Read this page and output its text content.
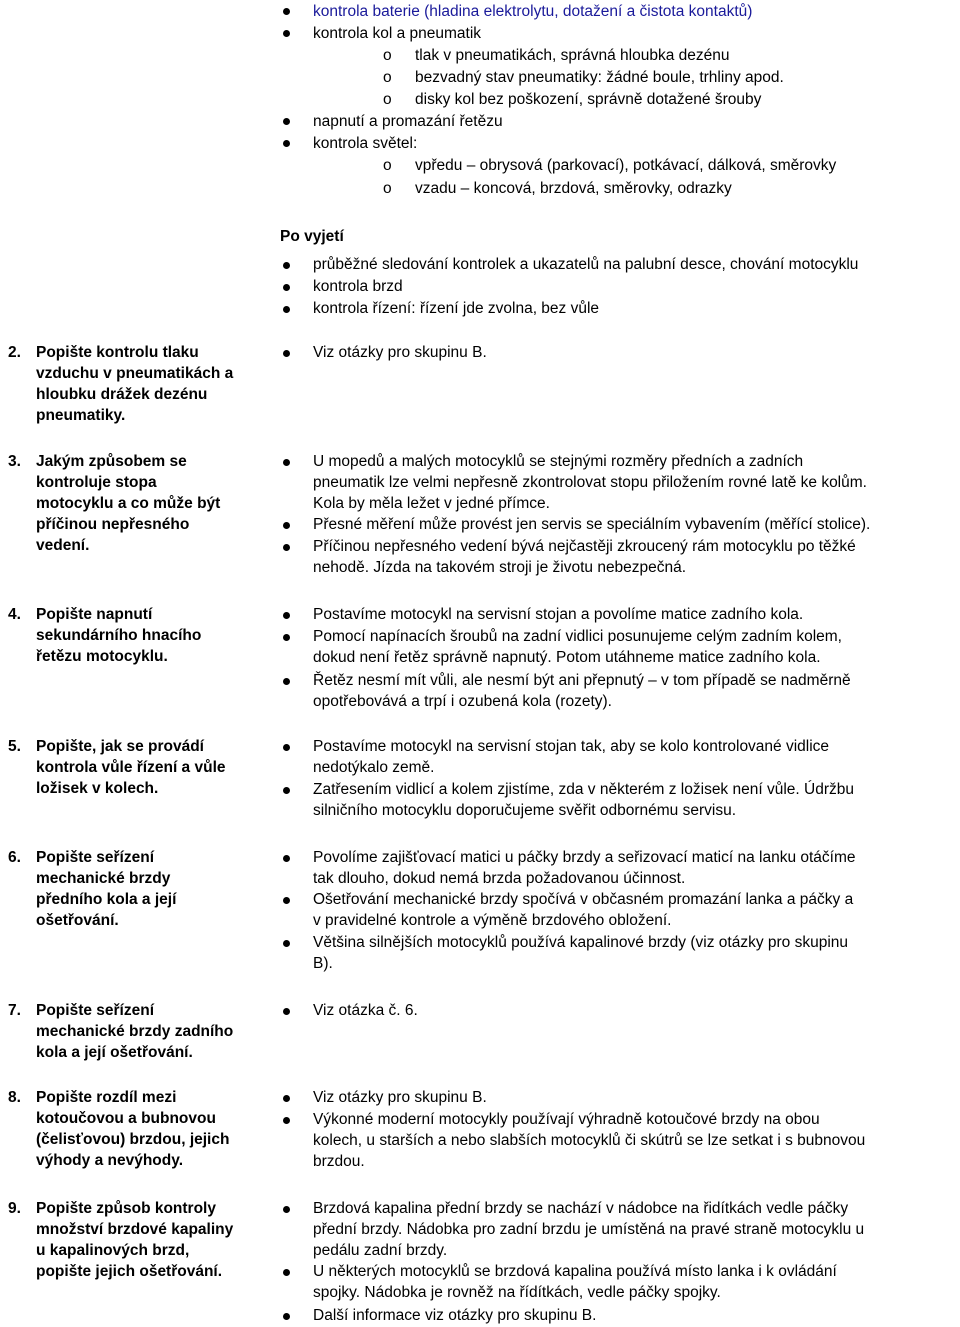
kontrola baterie (hladina elektrolytu, dotažení a čistota kontaktů)
kontrola kol a pneumatik
o tlak v pneumatikách, správná hloubka dezénu
o bezvadný stav pneumatiky: žádné boule, trhliny apod.
o disky kol bez poškození, správně dotažené šrouby
napnutí a promazání řetězu
kontrola světel:
o vpředu – obrysová (parkovací), potkávací, dálková, směrovky
o vzadu – koncová, brzdová, směrovky, odrazky
Po vyjetí
průběžné sledování kontrolek a ukazatelů na palubní desce, chování motocyklu
kontrola brzd
kontrola řízení: řízení jde zvolna, bez vůle
2. Popište kontrolu tlaku
vzduchu v pneumatikách a
hloubku drážek dezénu
pneumatiky.
Viz otázky pro skupinu B.
3. Jakým způsobem se
kontroluje stopa
motocyklu a co může být
příčinou nepřesného
vedení.
U mopedů a malých motocyklů se stejnými rozměry předních a zadních
pneumatik lze velmi nepřesně zkontrolovat stopu přiložením rovné latě ke kolům.
Kola by měla ležet v jedné přímce.
Přesné měření může provést jen servis se speciálním vybavením (měřící stolice).
Příčinou nepřesného vedení bývá nejčastěji zkroucený rám motocyklu po těžké
nehodě. Jízda na takovém stroji je životu nebezpečná.
4. Popište napnutí
sekundárního hnacího
řetězu motocyklu.
Postavíme motocykl na servisní stojan a povolíme matice zadního kola.
Pomocí napínacích šroubů na zadní vidlici posunujeme celým zadním kolem,
dokud není řetěz správně napnutý. Potom utáhneme matice zadního kola.
Řetěz nesmí mít vůli, ale nesmí být ani přepnutý – v tom případě se nadměrně
opotřebovává a trpí i ozubená kola (rozety).
5. Popište, jak se provádí
kontrola vůle řízení a vůle
ložisek v kolech.
Postavíme motocykl na servisní stojan tak, aby se kolo kontrolované vidlice
nedotýkalo země.
Zatřesením vidlicí a kolem zjistíme, zda v některém z ložisek není vůle. Údržbu
silničního motocyklu doporučujeme svěřit odbornému servisu.
6. Popište seřízení
mechanické brzdy
předního kola a její
ošetřování.
Povolíme zajišťovací matici u páčky brzdy a seřizovací maticí na lanku otáčíme
tak dlouho, dokud nemá brzda požadovanou účinnost.
Ošetřování mechanické brzdy spočívá v občasném promazání lanka a páčky a
v pravidelné kontrole a výměně brzdového obložení.
Většina silnějších motocyklů používá kapalinové brzdy (viz otázky pro skupinu
B).
7. Popište seřízení
mechanické brzdy zadního
kola a její ošetřování.
Viz otázka č. 6.
8. Popište rozdíl mezi
kotoučovou a bubnovou
(čelisťovou) brzdou, jejich
výhody a nevýhody.
Viz otázky pro skupinu B.
Výkonné moderní motocykly používají výhradně kotoučové brzdy na obou
kolech, u starších a nebo slabších motocyklů či skútrů se lze setkat i s bubnovou
brzdou.
9. Popište způsob kontroly
množství brzdové kapaliny
u kapalinových brzd,
popište jejich ošetřování.
Brzdová kapalina přední brzdy se nachází v nádobce na řidítkách vedle páčky
přední brzdy. Nádobka pro zadní brzdu je umístěná na pravé straně motocyklu u
pedálu zadní brzdy.
U některých motocyklů se brzdová kapalina používá místo lanka i k ovládání
spojky. Nádobka je rovněž na řídítkách, vedle páčky spojky.
Další informace viz otázky pro skupinu B.
